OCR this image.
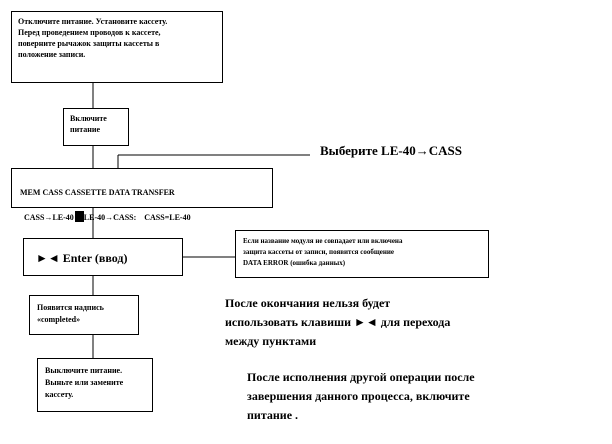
Отключите питание. Установите кассету.
Перед проведением проводов к кассете,
поверните рычажок защиты кассеты в
положение записи.
Включите
питание
Выберите LE-40→CASS

MEM CASS CASSETTE DATA TRANSFER

CASS→LE-40 LE-40→CASS: CASS=LE-40

►◄ Enter (ввод)
Если название модуля не совпадает или включена
защита кассеты от записи, появится сообщение
DATA ERROR (ошибка данных)
Появится надпись
«completed»
После окончания нельзя будет
использовать клавиши ►◄ для перехода
между пунктами
Выключите питание.
Выньте или замените
кассету.
После исполнения другой операции после
завершения данного процесса, включите
питание .
